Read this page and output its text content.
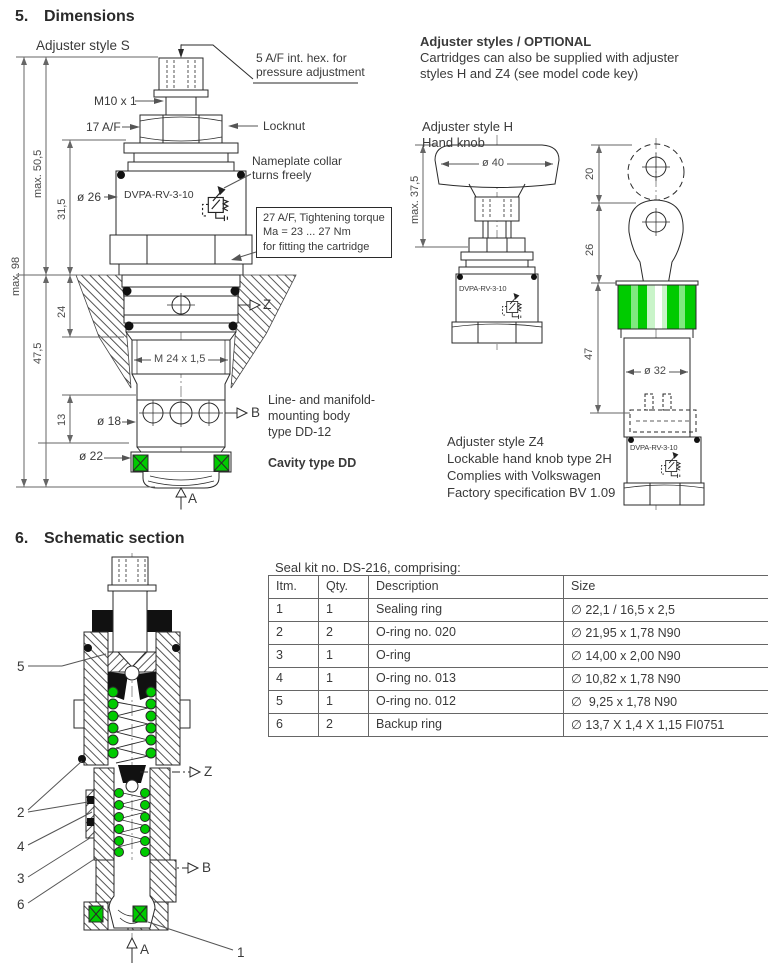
5. Dimensions
Adjuster style S
5 A/F int. hex. for
pressure adjustment
M10 x 1
17 A/F	Locknut
Nameplate collar
turns freely
ø 26 DVPA-RV-3-10
27 A/F, Tightening torque
Ma = 23 ... 27 Nm
for fitting the cartridge
M 24 x 1,5
Z
B
A
Line- and manifold-
mounting body
type DD-12
ø 18
ø 22	Cavity type DD
max. 98
max. 50,5
31,5
24
47,5
13
Adjuster styles / OPTIONAL
Cartridges can also be supplied with adjuster
styles H and Z4 (see model code key)
Adjuster style H
Hand knob
ø 40
max. 37,5
DVPA-RV-3-10
20
26
47
ø 32
DVPA-RV-3-10
Adjuster style Z4
Lockable hand knob type 2H
Complies with Volkswagen
Factory specification BV 1.09
6. Schematic section
Z
B
A
5
2
4
3
6
1
Seal kit no. DS-216, comprising:
Itm.	Qty.	Description	Size
1	1	Sealing ring	∅ 22,1 / 16,5 x 2,5
2	2	O-ring no. 020	∅ 21,95 x 1,78 N90
3	1	O-ring	∅ 14,00 x 2,00 N90
4	1	O-ring no. 013	∅ 10,82 x 1,78 N90
5	1	O-ring no. 012	∅  9,25 x 1,78 N90
6	2	Backup ring	∅ 13,7 X 1,4 X 1,15 FI0751
